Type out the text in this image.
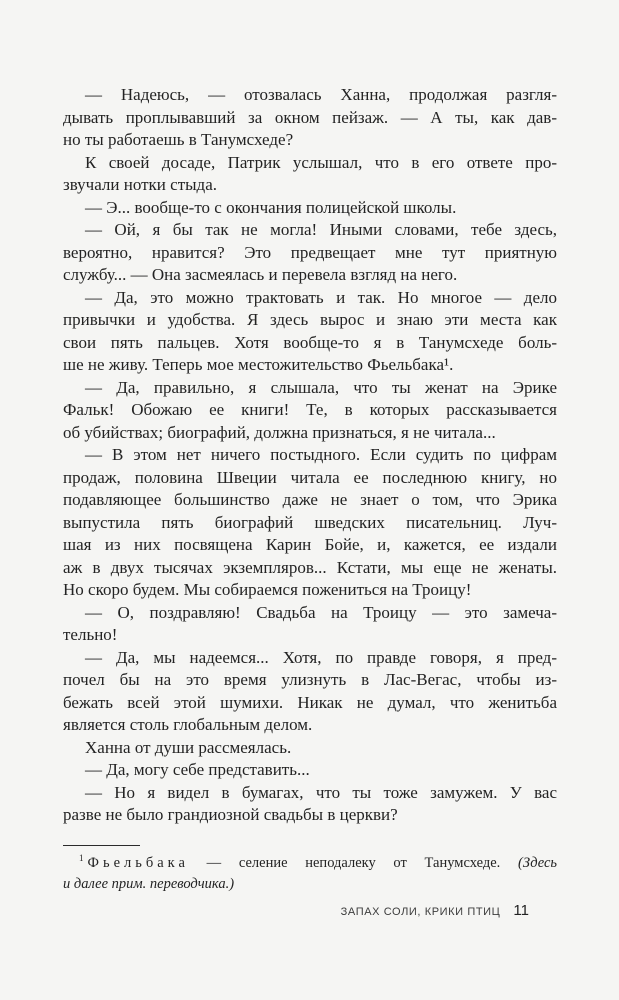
— Надеюсь, — отозвалась Ханна, продолжая разгля-
дывать проплывавший за окном пейзаж. — А ты, как дав-
но ты работаешь в Танумсхеде?
К своей досаде, Патрик услышал, что в его ответе про-
звучали нотки стыда.
— Э... вообще-то с окончания полицейской школы.
— Ой, я бы так не могла! Иными словами, тебе здесь,
вероятно, нравится? Это предвещает мне тут приятную
службу... — Она засмеялась и перевела взгляд на него.
— Да, это можно трактовать и так. Но многое — дело
привычки и удобства. Я здесь вырос и знаю эти места как
свои пять пальцев. Хотя вообще-то я в Танумсхеде боль-
ше не живу. Теперь мое местожительство Фьельбака¹.
— Да, правильно, я слышала, что ты женат на Эрике
Фальк! Обожаю ее книги! Те, в которых рассказывается
об убийствах; биографий, должна признаться, я не читала...
— В этом нет ничего постыдного. Если судить по цифрам
продаж, половина Швеции читала ее последнюю книгу, но
подавляющее большинство даже не знает о том, что Эрика
выпустила пять биографий шведских писательниц. Луч-
шая из них посвящена Карин Бойе, и, кажется, ее издали
аж в двух тысячах экземпляров... Кстати, мы еще не женаты.
Но скоро будем. Мы собираемся пожениться на Троицу!
— О, поздравляю! Свадьба на Троицу — это замеча-
тельно!
— Да, мы надеемся... Хотя, по правде говоря, я пред-
почел бы на это время улизнуть в Лас-Вегас, чтобы из-
бежать всей этой шумихи. Никак не думал, что женитьба
является столь глобальным делом.
Ханна от души рассмеялась.
— Да, могу себе представить...
— Но я видел в бумагах, что ты тоже замужем. У вас
разве не было грандиозной свадьбы в церкви?
$^1$ Фьельбака — селение неподалеку от Танумсхеде. (Здесь
и далее прим. переводчика.)
ЗАПАХ СОЛИ, КРИКИ ПТИЦ 11
